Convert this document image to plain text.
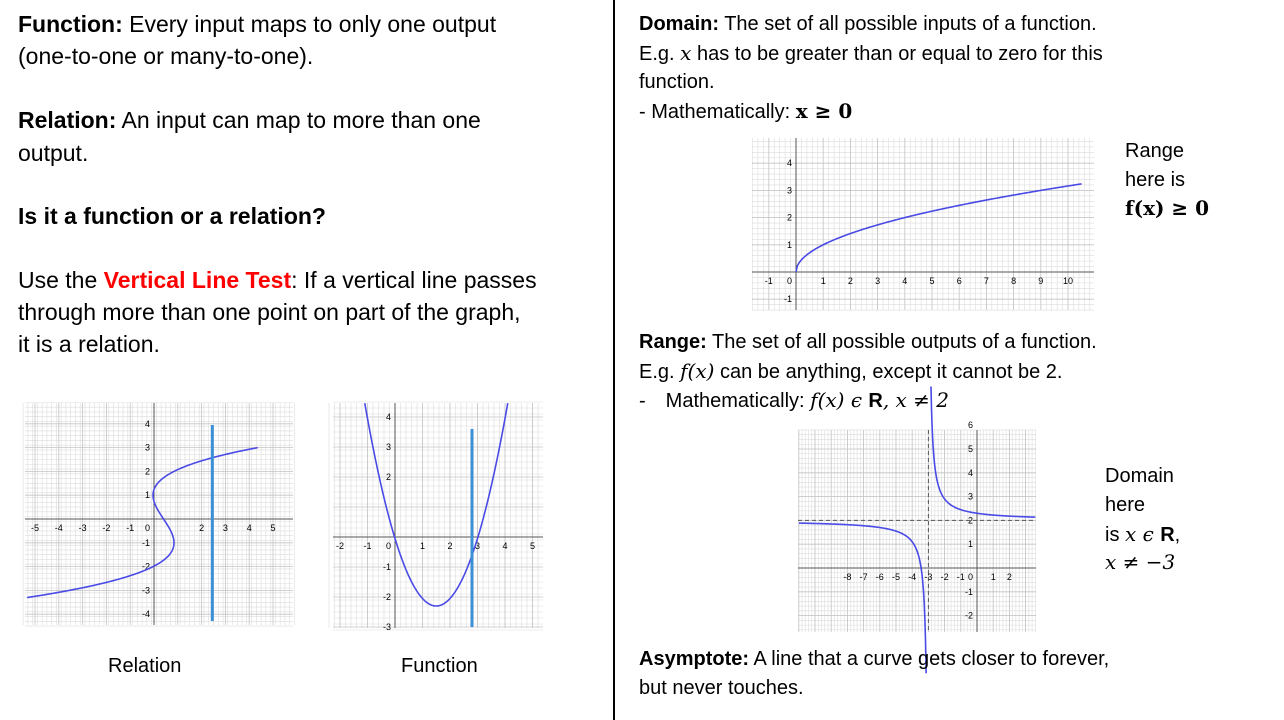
Function: Every input maps to only one output
(one-to-one or many-to-one).
Relation: An input can map to more than one
output.
Is it a function or a relation?
Use the Vertical Line Test: If a vertical line passes
through more than one point on part of the graph,
it is a relation.
-5 -4 -3 -2 -1	2 3 4 5
4
3
2
1
-1
-2
-3
-4
0
-2 -1	1 2 3 4 5
4
3
2
-1
-2
-3
0
Relation	Function
Domain: The set of all possible inputs of a function.
E.g. x has to be greater than or equal to zero for this
function.
- Mathematically: x ≥ 0
-1	1 2 3 4 5 6 7 8 9 10
1
2
3
4
-1
0
Range
here is
f(x) ≥ 0
Range: The set of all possible outputs of a function.
E.g. f(x) can be anything, except it cannot be 2.
- Mathematically: f(x) ϵ R, x ≠ 2
-8 -7 -6 -5 -4 -3 -2 -1	1 2
6
5
4
3
2
1
-1
-2
0
Domain
here
is x ϵ R,
x ≠ −3
Asymptote: A line that a curve gets closer to forever,
but never touches.
